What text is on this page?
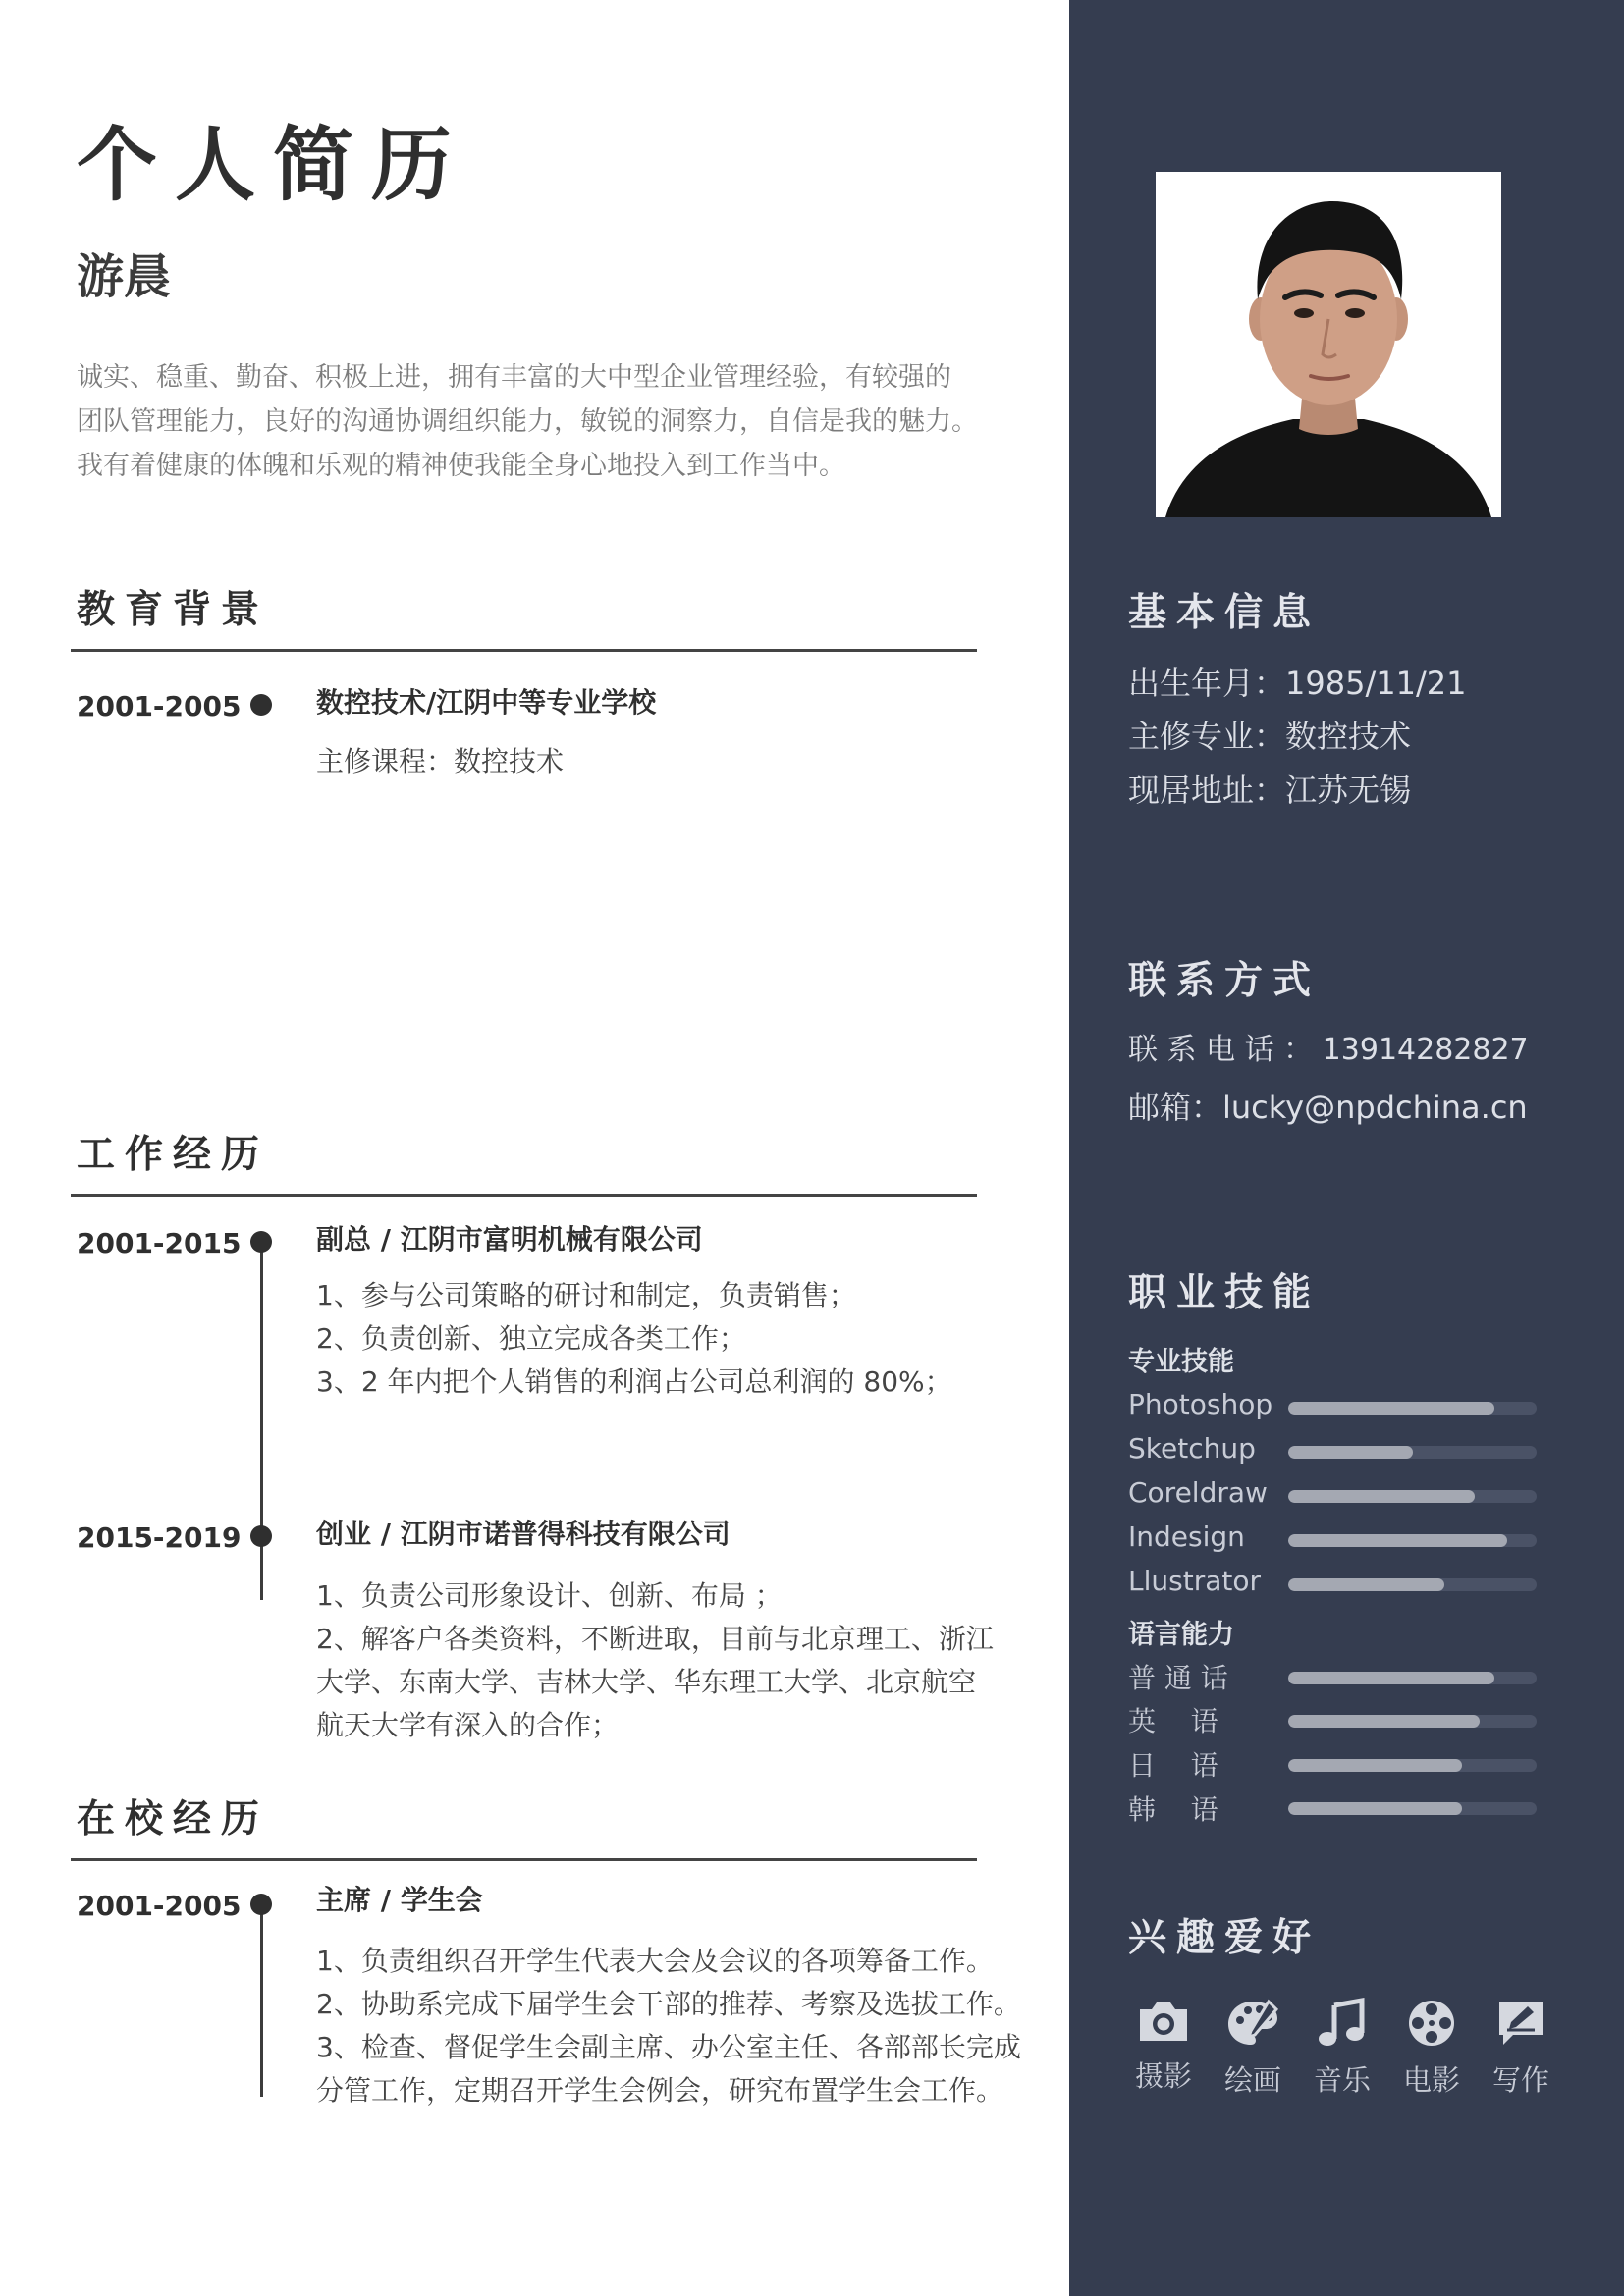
个人简历
游晨
诚实、稳重、勤奋、积极上进，拥有丰富的大中型企业管理经验，有较强的
团队管理能力，良好的沟通协调组织能力，敏锐的洞察力，自信是我的魅力。
我有着健康的体魄和乐观的精神使我能全身心地投入到工作当中。
教育背景
2001-2005	数控技术/江阴中等专业学校
主修课程：数控技术
工作经历
2001-2015	副总 / 江阴市富明机械有限公司
1、参与公司策略的研讨和制定，负责销售；
2、负责创新、独立完成各类工作；
3、2 年内把个人销售的利润占公司总利润的 80%；
2015-2019	创业 / 江阴市诺普得科技有限公司
1、负责公司形象设计、创新、布局 ；
2、解客户各类资料，不断进取，目前与北京理工、浙江
大学、东南大学、吉林大学、华东理工大学、北京航空
航天大学有深入的合作；
在校经历
2001-2005	主席 / 学生会
1、负责组织召开学生代表大会及会议的各项筹备工作。
2、协助系完成下届学生会干部的推荐、考察及选拔工作。
3、检查、督促学生会副主席、办公室主任、各部部长完成
分管工作，定期召开学生会例会，研究布置学生会工作。
基本信息
出生年月：1985/11/21
主修专业：数控技术
现居地址：江苏无锡
联系方式
联 系 电 话 ： 13914282827
邮箱：lucky@npdchina.cn
职业技能
专业技能
Photoshop
Sketchup
Coreldraw
Indesign
Llustrator
语言能力
普 通 话
英    语
日    语
韩    语
兴趣爱好
摄影	绘画	音乐	电影	写作
